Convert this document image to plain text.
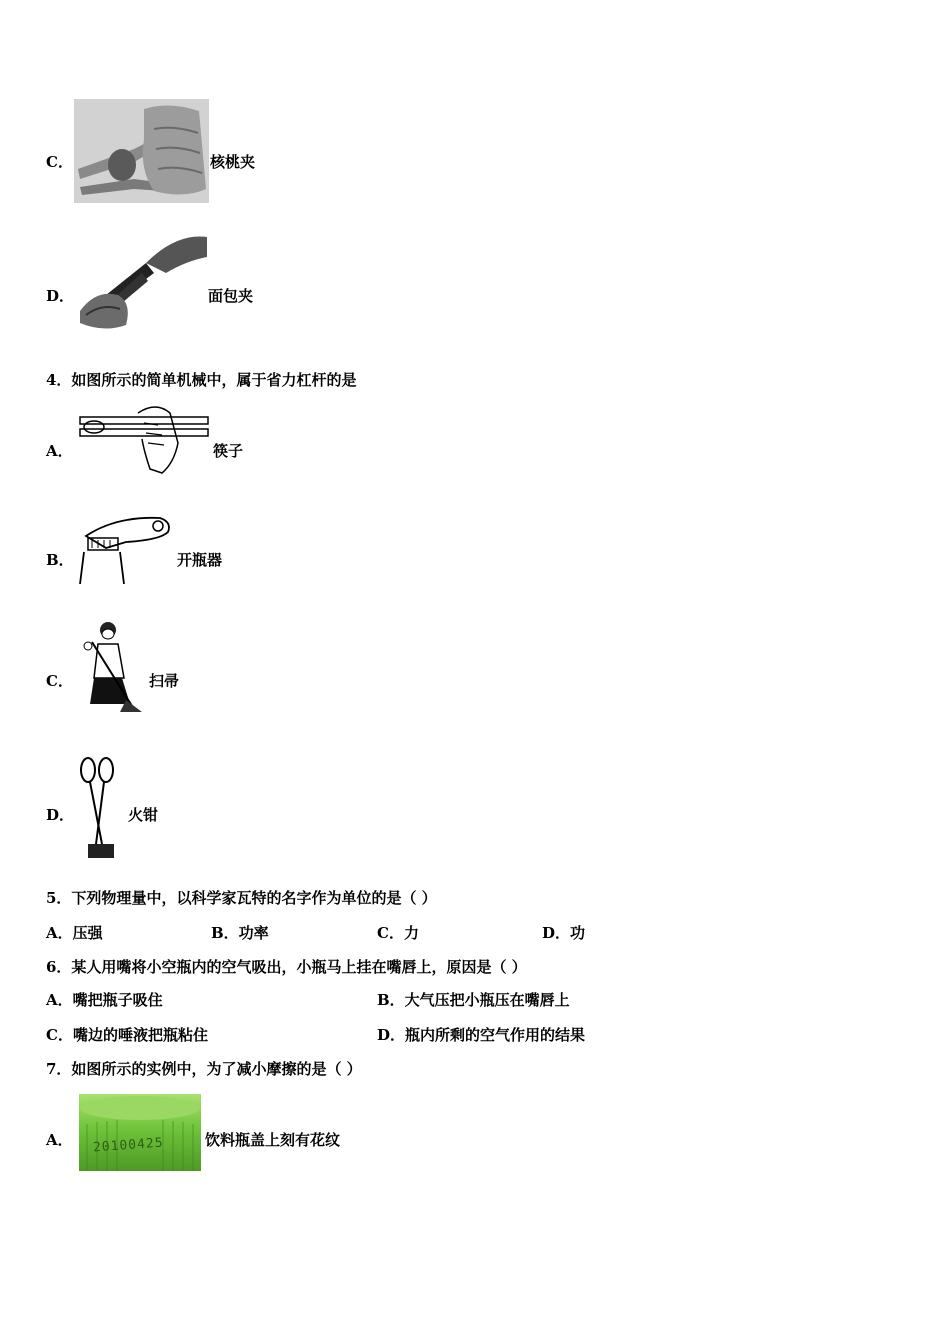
C．	核桃夹
D．	面包夹
4．如图所示的简单机械中，属于省力杠杆的是
A．	筷子
B．	开瓶器
C．	扫帚
D．	火钳
5．下列物理量中，以科学家瓦特的名字作为单位的是（ ）
A．压强	B．功率	C．力	D．功
6．某人用嘴将小空瓶内的空气吸出，小瓶马上挂在嘴唇上，原因是（ ）
A．嘴把瓶子吸住	B．大气压把小瓶压在嘴唇上
C．嘴边的唾液把瓶粘住	D．瓶内所剩的空气作用的结果
7．如图所示的实例中，为了减小摩擦的是（ ）
A． 20100425	饮料瓶盖上刻有花纹
